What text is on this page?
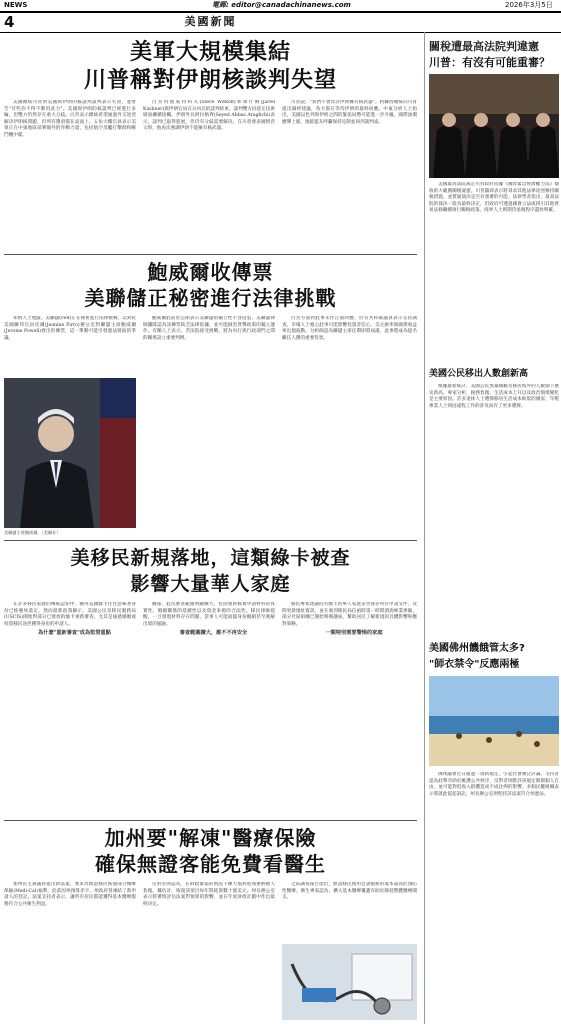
NEWS	電郵: editor@canadachinanews.com	2026年3月5日
4	美國新聞
美軍大規模集結
川普稱對伊朗核談判失望

美國總統川普對美國與伊朗的核談判談判表示失望，並警告"有些你不得不動用武力"。美國與伊朗的核談判已經進行多輪，但雙方仍然存在重大分歧。白宮表示總統希望通過外交途徑解決伊朗核問題，但所有選項都在桌面上。五角大樓官員表示美軍正在中東地區部署額外的作戰力量，包括航空母艦打擊群和戰鬥機中隊。

白宮特使威特科夫(Steve Witkoff)和庫什納(Jared Kushner)與伊朗官員在日內瓦的談判結束，談判雙方同意在技術層面繼續接觸。伊朗外長阿拉格齊(Seyed Abbas Araghchi)表示，談判已取得進展，但仍有分歧需要解決。在川普發表國情咨文時，他再次強調伊朗不能擁有核武器。

川普說，"我們不會容許伊朗擁有核武器"。阿聯酋總統向川普提出調停建議，各方都在等待伊朗的最終回應。中東分析人士指出，美國以色列與伊朗之間的緊張局勢可能進一步升級，國際油價應聲上漲，地區盟友呼籲保持克制並回到談判桌。

鮑威爾收傳票
美聯儲正秘密進行法律挑戰

知情人士透露，美聯儲(Fed)正在秘密進行法律挑戰，以對抗美國聯邦官員皮爾(Jeanine Pirro)辦公室對聯儲主席鮑威爾(Jerome Powell)發出的傳票，這一舉動可能引發憲法層面的爭議。

美聯儲主席鮑威爾。（美聯社）

鮑威爾此前曾公開表示美聯儲的獨立性不容侵犯。美聯儲律師團隊認為該傳票缺乏法律依據，並可能損害貨幣政策的獨立運作。有關人士表示，若法院接受挑戰，將為央行與行政部門之間的關係設立重要判例。

白宮方面對此事未作正面回應，但有共和黨議員表示支持調查。市場人士擔心此事可能影響投資者信心，美元匯率與國債收益率出現波動。分析師認為聯儲主席任期即將屆滿，此事將成為提名繼任人選的重要背景。

美移民新規落地，這類綠卡被查
影響大量華人家庭

在許多移民家庭的傳統認知中，獲得美國綠卡往往意味著身份已經塵埃落定。然而最新政策顯示，美國公民及移民服務局(USCIS)開始對部分已發放的綠卡重新審查，尤其是通過婚姻或投資移民途徑獲得身份的申請人。

為什麼"重新審查"成為監管重點

據報，此次審查範圍明顯擴大，包括重新核實申請材料的真實性、婚姻關係的延續性以及資金來源的合法性。移民律師提醒，一旦發現材料存在問題，當事人可能面臨身份撤銷甚至遞解出境的風險。

審查範圍擴大，誰不不再安全

移民專家建議持有綠卡的華人家庭妥善保存所有申請文件，及時更新地址資訊，並在收到移民局信函時第一時間諮詢專業律師。部分社區組織已開始舉辦講座，幫助居民了解新規的具體影響和應對策略。

一類特別需要警惕的家庭

加州要"解凍"醫療保險
確保無證客能免費看醫生

加州民主黨議員提出新法案，要求為無證移民恢復部分醫療保險(Medi-Cal)福利。此前因州預算赤字，州政府曾凍結了新申請人的登記。法案支持者表示，讓所有居民都能獲得基本醫療服務符合公共衛生利益。

反對者則認為，在財政緊張的情況下擴大福利將加重納稅人負擔。據估計，恢復該項目每年將耗資數十億美元。州長辦公室表示將審慎評估法案對預算的影響，並在年度財政計劃中作出最終決定。

之前調查報告指出，無證移民使用急診服務的成本遠高於預防性醫療。衛生專家認為，擴大基本醫療覆蓋有助於降低整體醫療開支。

關稅遭最高法院判違憲
川普：有沒有可能重審？

美國最高法院裁定川普政府依據《國際緊急經濟權力法》徵收的大範圍關稅違憲。川普隨即表示將尋求其他法律途徑維持關稅措施，並質疑裁決是否有重審的可能。法律學者指出，最高法院的裁決一般為最終決定，但政府可透過國會立法或援引其他貿易法條繼續推行關稅政策。商界人士則期待退稅程序盡快明確。

美國公民移出人數創新高

根據最新統計，美國公民放棄國籍及移居海外的人數創下歷史新高。專家分析，稅務負擔、生活成本上升以及政治環境變化是主要原因。許多退休人士選擇移居生活成本較低的國家，年輕專業人士則因遠程工作的普及而有了更多選擇。

美國佛州饑餓管太多?
"師衣禁令"反應兩極

佛州議會近日通過一項新規定，引起社會廣泛討論。支持者認為此舉有助於維護公共秩序，反對者則批評該規定限制個人自由，並可能對低收入群體造成不成比例的影響。多個民權組織表示將就此提起訴訟，州長辦公室則堅持該法案符合州憲法。
